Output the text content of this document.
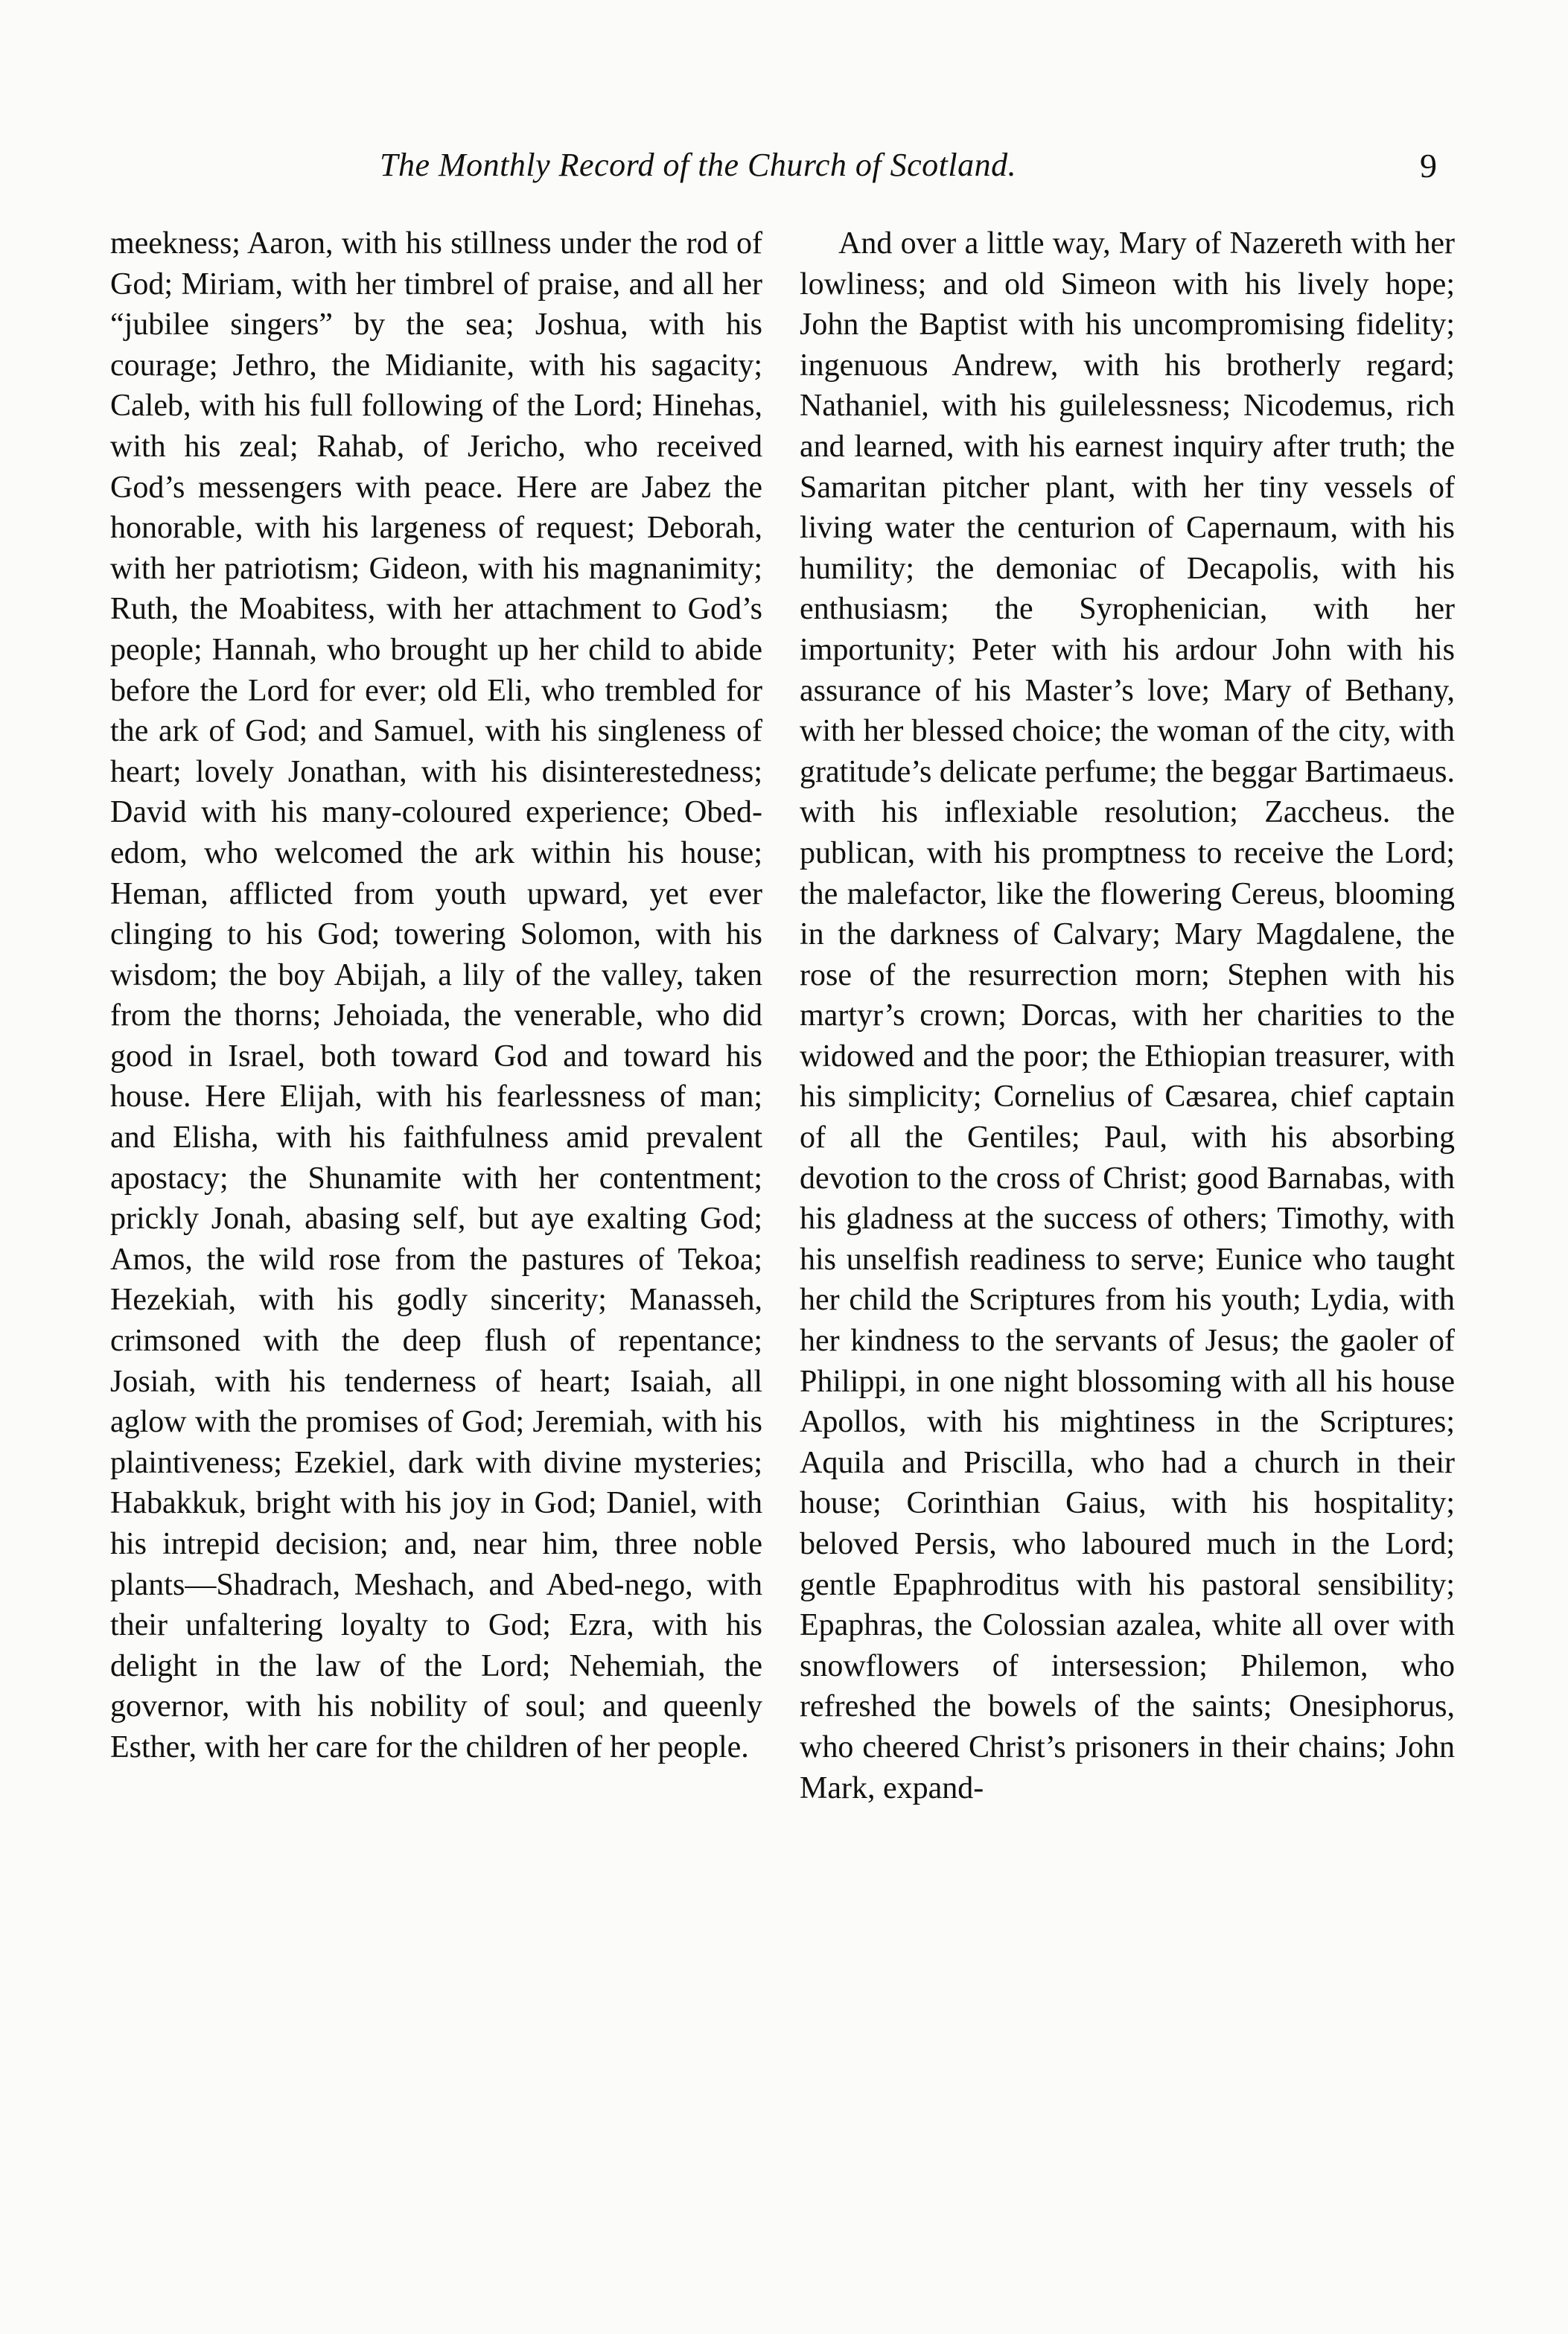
The Monthly Record of the Church of Scotland.	9

meekness; Aaron, with his stillness under the rod of God; Miriam, with her timbrel of praise, and all her “jubilee singers” by the sea; Joshua, with his courage; Jethro, the Midianite, with his sagacity; Caleb, with his full following of the Lord; Hinehas, with his zeal; Rahab, of Jericho, who received God’s messengers with peace. Here are Jabez the honorable, with his largeness of request; Deborah, with her patriotism; Gideon, with his magnanimity; Ruth, the Moabitess, with her attachment to God’s people; Hannah, who brought up her child to abide before the Lord for ever; old Eli, who trembled for the ark of God; and Samuel, with his singleness of heart; lovely Jonathan, with his disinterestedness; David with his many-coloured experience; Obed-edom, who welcomed the ark within his house; Heman, afflicted from youth upward, yet ever clinging to his God; towering Solomon, with his wisdom; the boy Abijah, a lily of the valley, taken from the thorns; Jehoiada, the venerable, who did good in Israel, both toward God and toward his house. Here Elijah, with his fearlessness of man; and Elisha, with his faithfulness amid prevalent apostacy; the Shunamite with her contentment; prickly Jonah, abasing self, but aye exalting God; Amos, the wild rose from the pastures of Tekoa; Hezekiah, with his godly sincerity; Manasseh, crimsoned with the deep flush of repentance; Josiah, with his tenderness of heart; Isaiah, all aglow with the promises of God; Jeremiah, with his plaintiveness; Ezekiel, dark with divine mysteries; Habakkuk, bright with his joy in God; Daniel, with his intrepid decision; and, near him, three noble plants—Shadrach, Meshach, and Abed-nego, with their unfaltering loyalty to God; Ezra, with his delight in the law of the Lord; Nehemiah, the governor, with his nobility of soul; and queenly Esther, with her care for the children of her people.

And over a little way, Mary of Nazereth with her lowliness; and old Simeon with his lively hope; John the Baptist with his uncompromising fidelity; ingenuous Andrew, with his brotherly regard; Nathaniel, with his guilelessness; Nicodemus, rich and learned, with his earnest inquiry after truth; the Samaritan pitcher plant, with her tiny vessels of living water the centurion of Capernaum, with his humility; the demoniac of Decapolis, with his enthusiasm; the Syrophenician, with her importunity; Peter with his ardour John with his assurance of his Master’s love; Mary of Bethany, with her blessed choice; the woman of the city, with gratitude’s delicate perfume; the beggar Bartimaeus. with his inflexiable resolution; Zaccheus. the publican, with his promptness to receive the Lord; the malefactor, like the flowering Cereus, blooming in the darkness of Calvary; Mary Magdalene, the rose of the resurrection morn; Stephen with his martyr’s crown; Dorcas, with her charities to the widowed and the poor; the Ethiopian treasurer, with his simplicity; Cornelius of Cæsarea, chief captain of all the Gentiles; Paul, with his absorbing devotion to the cross of Christ; good Barnabas, with his gladness at the success of others; Timothy, with his unselfish readiness to serve; Eunice who taught her child the Scriptures from his youth; Lydia, with her kindness to the servants of Jesus; the gaoler of Philippi, in one night blossoming with all his house Apollos, with his mightiness in the Scriptures; Aquila and Priscilla, who had a church in their house; Corinthian Gaius, with his hospitality; beloved Persis, who laboured much in the Lord; gentle Epaphroditus with his pastoral sensibility; Epaphras, the Colossian azalea, white all over with snowflowers of intersession; Philemon, who refreshed the bowels of the saints; Onesiphorus, who cheered Christ’s prisoners in their chains; John Mark, expand-
